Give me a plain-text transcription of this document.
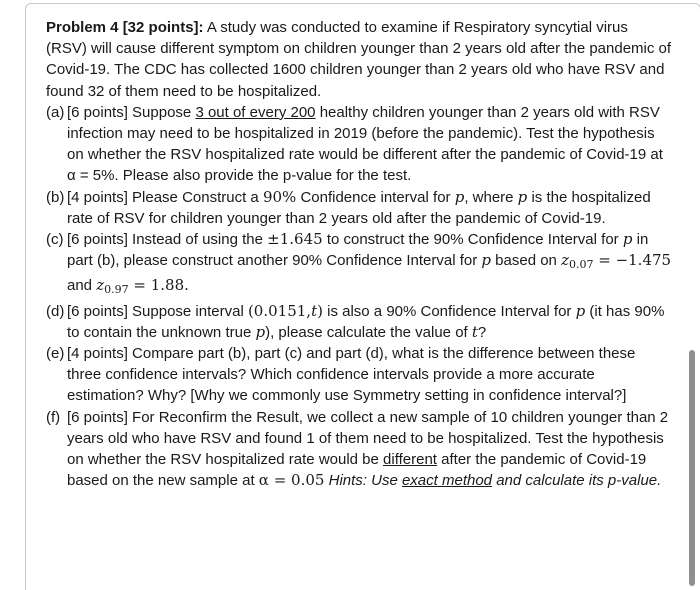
Problem 4 [32 points]: A study was conducted to examine if Respiratory syncytial virus (RSV) will cause different symptom on children younger than 2 years old after the pandemic of Covid-19. The CDC has collected 1600 children younger than 2 years old who have RSV and found 32 of them need to be hospitalized.

(a) [6 points] Suppose 3 out of every 200 healthy children younger than 2 years old with RSV infection may need to be hospitalized in 2019 (before the pandemic). Test the hypothesis on whether the RSV hospitalized rate would be different after the pandemic of Covid-19 at α = 5%. Please also provide the p-value for the test.
(b) [4 points] Please Construct a 90% Confidence interval for p, where p is the hospitalized rate of RSV for children younger than 2 years old after the pandemic of Covid-19.
(c) [6 points] Instead of using the ±1.645 to construct the 90% Confidence Interval for p in part (b), please construct another 90% Confidence Interval for p based on $z_{0.07} = -1.475$ and $z_{0.97} = 1.88$.
(d) [6 points] Suppose interval (0.0151,t) is also a 90% Confidence Interval for p (it has 90% to contain the unknown true p), please calculate the value of t?
(e) [4 points] Compare part (b), part (c) and part (d), what is the difference between these three confidence intervals? Which confidence intervals provide a more accurate estimation? Why? [Why we commonly use Symmetry setting in confidence interval?]
(f) [6 points] For Reconfirm the Result, we collect a new sample of 10 children younger than 2 years old who have RSV and found 1 of them need to be hospitalized. Test the hypothesis on whether the RSV hospitalized rate would be different after the pandemic of Covid-19 based on the new sample at α = 0.05 Hints: Use exact method and calculate its p-value.
